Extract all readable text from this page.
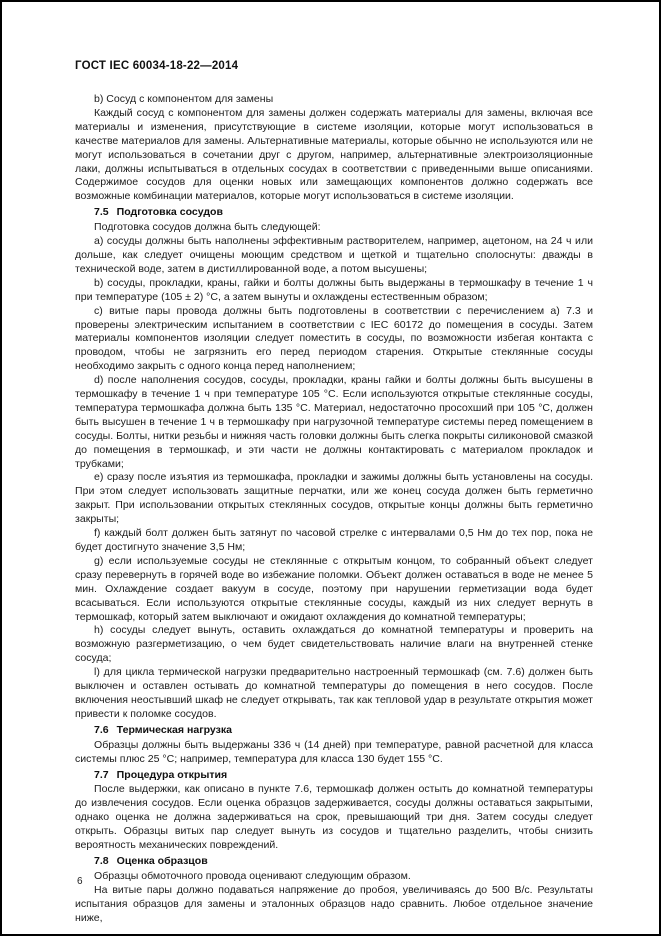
ГОСТ IEC 60034-18-22—2014

b) Сосуд с компонентом для замены

Каждый сосуд с компонентом для замены должен содержать материалы для замены, включая все материалы и изменения, присутствующие в системе изоляции, которые могут использоваться в качестве материалов для замены. Альтернативные материалы, которые обычно не используются или не могут использоваться в сочетании друг с другом, например, альтернативные электроизоляционные лаки, должны испытываться в отдельных сосудах в соответствии с приведенными выше описаниями. Содержимое сосудов для оценки новых или замещающих компонентов должно содержать все возможные комбинации материалов, которые могут использоваться в системе изоляции.

7.5 Подготовка сосудов

Подготовка сосудов должна быть следующей:

a) сосуды должны быть наполнены эффективным растворителем, например, ацетоном, на 24 ч или дольше, как следует очищены моющим средством и щеткой и тщательно сполоснуты: дважды в технической воде, затем в дистиллированной воде, а потом высушены;

b) сосуды, прокладки, краны, гайки и болты должны быть выдержаны в термошкафу в течение 1 ч при температуре (105 ± 2) °С, а затем вынуты и охлаждены естественным образом;

c) витые пары провода должны быть подготовлены в соответствии с перечислением a) 7.3 и проверены электрическим испытанием в соответствии с IEC 60172 до помещения в сосуды. Затем материалы компонентов изоляции следует поместить в сосуды, по возможности избегая контакта с проводом, чтобы не загрязнить его перед периодом старения. Открытые стеклянные сосуды необходимо закрыть с одного конца перед наполнением;

d) после наполнения сосудов, сосуды, прокладки, краны гайки и болты должны быть высушены в термошкафу в течение 1 ч при температуре 105 °С. Если используются открытые стеклянные сосуды, температура термошкафа должна быть 135 °С. Материал, недостаточно просохший при 105 °С, должен быть высушен в течение 1 ч в термошкафу при нагрузочной температуре системы перед помещением в сосуды. Болты, нитки резьбы и нижняя часть головки должны быть слегка покрыты силиконовой смазкой до помещения в термошкаф, и эти части не должны контактировать с материалом прокладок и трубками;

e) сразу после изъятия из термошкафа, прокладки и зажимы должны быть установлены на сосуды. При этом следует использовать защитные перчатки, или же конец сосуда должен быть герметично закрыт. При использовании открытых стеклянных сосудов, открытые концы должны быть герметично закрыты;

f) каждый болт должен быть затянут по часовой стрелке с интервалами 0,5 Нм до тех пор, пока не будет достигнуто значение 3,5 Нм;

g) если используемые сосуды не стеклянные с открытым концом, то собранный объект следует сразу перевернуть в горячей воде во избежание поломки. Объект должен оставаться в воде не менее 5 мин. Охлаждение создает вакуум в сосуде, поэтому при нарушении герметизации вода будет всасываться. Если используются открытые стеклянные сосуды, каждый из них следует вернуть в термошкаф, который затем выключают и ожидают охлаждения до комнатной температуры;

h) сосуды следует вынуть, оставить охлаждаться до комнатной температуры и проверить на возможную разгерметизацию, о чем будет свидетельствовать наличие влаги на внутренней стенке сосуда;

l) для цикла термической нагрузки предварительно настроенный термошкаф (см. 7.6) должен быть выключен и оставлен остывать до комнатной температуры до помещения в него сосудов. После включения неостывший шкаф не следует открывать, так как тепловой удар в результате открытия может привести к поломке сосудов.

7.6 Термическая нагрузка

Образцы должны быть выдержаны 336 ч (14 дней) при температуре, равной расчетной для класса системы плюс 25 °С; например, температура для класса 130 будет 155 °С.

7.7 Процедура открытия

После выдержки, как описано в пункте 7.6, термошкаф должен остыть до комнатной температуры до извлечения сосудов. Если оценка образцов задерживается, сосуды должны оставаться закрытыми, однако оценка не должна задерживаться на срок, превышающий три дня. Затем сосуды следует открыть. Образцы витых пар следует вынуть из сосудов и тщательно разделить, чтобы снизить вероятность механических повреждений.

7.8 Оценка образцов

Образцы обмоточного провода оценивают следующим образом.

На витые пары должно подаваться напряжение до пробоя, увеличиваясь до 500 В/с. Результаты испытания образцов для замены и эталонных образцов надо сравнить. Любое отдельное значение ниже,

6
